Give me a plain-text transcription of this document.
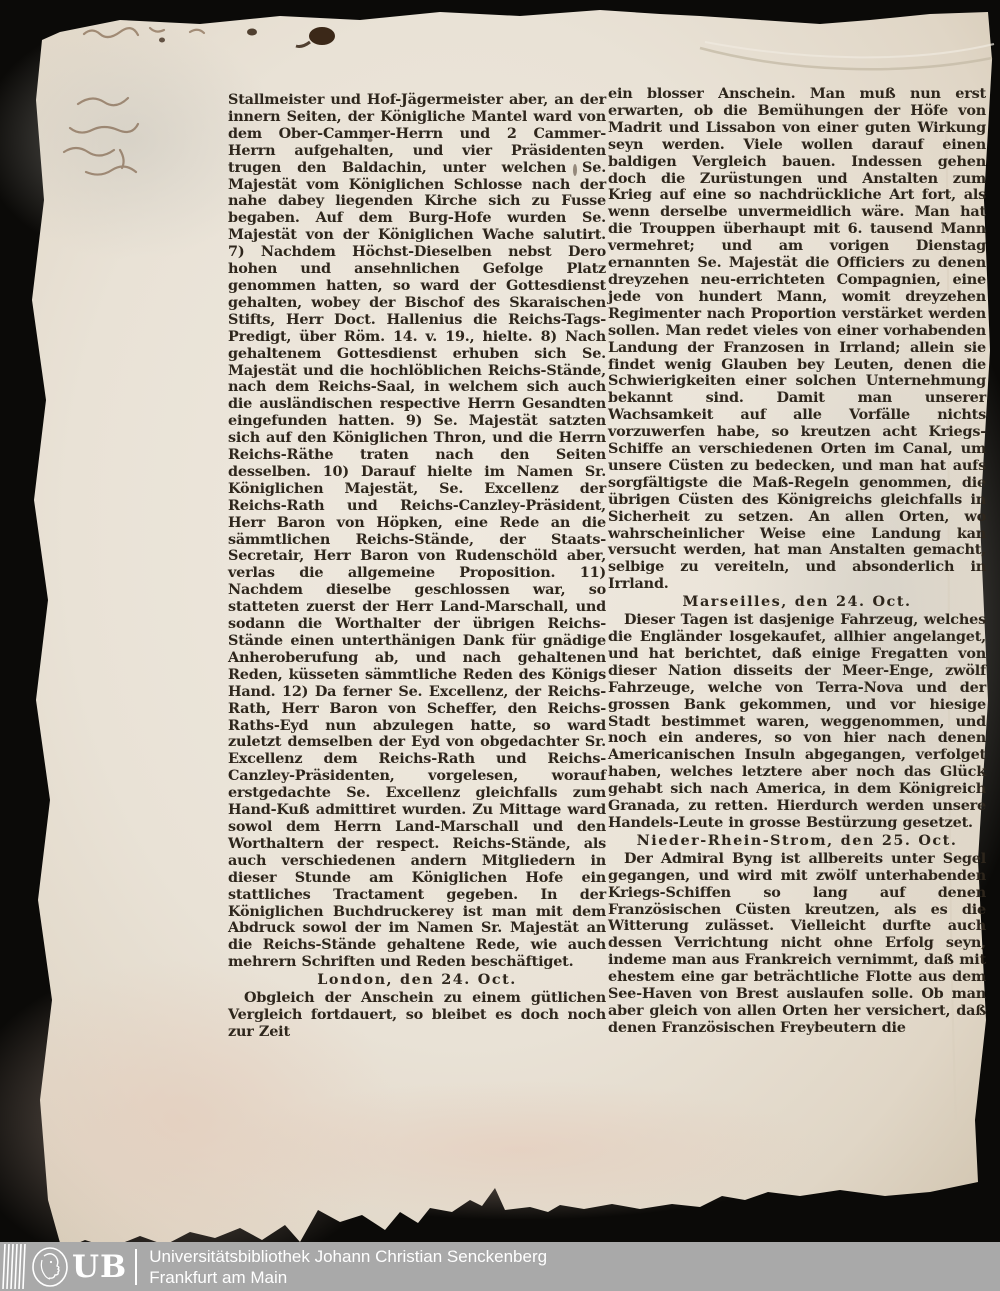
Stallmeister und Hof-Jägermeister aber, an der innern Seiten, der Königliche Mantel ward von dem Ober-Cammer-Herrn und 2 Cammer-Herrn aufgehalten, und vier Präsidenten trugen den Baldachin, unter welchen Se. Majestät vom Königlichen Schlosse nach der nahe dabey liegenden Kirche sich zu Fusse begaben. Auf dem Burg-Hofe wurden Se. Majestät von der Königlichen Wache salutirt. 7) Nachdem Höchst-Dieselben nebst Dero hohen und ansehnlichen Gefolge Platz genommen hatten, so ward der Gottesdienst gehalten, wobey der Bischof des Skaraischen Stifts, Herr Doct. Hallenius die Reichs-Tags-Predigt, über Röm. 14. v. 19., hielte. 8) Nach gehaltenem Gottesdienst erhuben sich Se. Majestät und die hochlöblichen Reichs-Stände, nach dem Reichs-Saal, in welchem sich auch die ausländischen respective Herrn Gesandten eingefunden hatten. 9) Se. Majestät satzten sich auf den Königlichen Thron, und die Herrn Reichs-Räthe traten nach den Seiten desselben. 10) Darauf hielte im Namen Sr. Königlichen Majestät, Se. Excellenz der Reichs-Rath und Reichs-Canzley-Präsident, Herr Baron von Höpken, eine Rede an die sämmtlichen Reichs-Stände, der Staats-Secretair, Herr Baron von Rudenschöld aber, verlas die allgemeine Proposition. 11) Nachdem dieselbe geschlossen war, so statteten zuerst der Herr Land-Marschall, und sodann die Worthalter der übrigen Reichs-Stände einen unterthänigen Dank für gnädige Anheroberufung ab, und nach gehaltenen Reden, küsseten sämmtliche Reden des Königs Hand. 12) Da ferner Se. Excellenz, der Reichs-Rath, Herr Baron von Scheffer, den Reichs-Raths-Eyd nun abzulegen hatte, so ward zuletzt demselben der Eyd von obgedachter Sr. Excellenz dem Reichs-Rath und Reichs-Canzley-Präsidenten, vorgelesen, worauf erstgedachte Se. Excellenz gleichfalls zum Hand-Kuß admittiret wurden. Zu Mittage ward sowol dem Herrn Land-Marschall und den Worthaltern der respect. Reichs-Stände, als auch verschiedenen andern Mitgliedern in dieser Stunde am Königlichen Hofe ein stattliches Tractament gegeben. In der Königlichen Buchdruckerey ist man mit dem Abdruck sowol der im Namen Sr. Majestät an die Reichs-Stände gehaltene Rede, wie auch mehrern Schriften und Reden beschäftiget.

London, den 24. Oct.

Obgleich der Anschein zu einem gütlichen Vergleich fortdauert, so bleibet es doch noch zur Zeit

ein blosser Anschein. Man muß nun erst erwarten, ob die Bemühungen der Höfe von Madrit und Lissabon von einer guten Wirkung seyn werden. Viele wollen darauf einen baldigen Vergleich bauen. Indessen gehen doch die Zurüstungen und Anstalten zum Krieg auf eine so nachdrückliche Art fort, als wenn derselbe unvermeidlich wäre. Man hat die Trouppen überhaupt mit 6. tausend Mann vermehret; und am vorigen Dienstag ernannten Se. Majestät die Officiers zu denen dreyzehen neu-errichteten Compagnien, eine jede von hundert Mann, womit dreyzehen Regimenter nach Proportion verstärket werden sollen. Man redet vieles von einer vorhabenden Landung der Franzosen in Irrland; allein sie findet wenig Glauben bey Leuten, denen die Schwierigkeiten einer solchen Unternehmung bekannt sind. Damit man unserer Wachsamkeit auf alle Vorfälle nichts vorzuwerfen habe, so kreutzen acht Kriegs-Schiffe an verschiedenen Orten im Canal, um unsere Cüsten zu bedecken, und man hat aufs sorgfältigste die Maß-Regeln genommen, die übrigen Cüsten des Königreichs gleichfalls in Sicherheit zu setzen. An allen Orten, wo wahrscheinlicher Weise eine Landung kan versucht werden, hat man Anstalten gemacht, selbige zu vereiteln, und absonderlich in Irrland.

Marseilles, den 24. Oct.

Dieser Tagen ist dasjenige Fahrzeug, welches die Engländer losgekaufet, allhier angelanget, und hat berichtet, daß einige Fregatten von dieser Nation disseits der Meer-Enge, zwölf Fahrzeuge, welche von Terra-Nova und der grossen Bank gekommen, und vor hiesige Stadt bestimmet waren, weggenommen, und noch ein anderes, so von hier nach denen Americanischen Insuln abgegangen, verfolget haben, welches letztere aber noch das Glück gehabt sich nach America, in dem Königreich Granada, zu retten. Hierdurch werden unsere Handels-Leute in grosse Bestürzung gesetzet.

Nieder-Rhein-Strom, den 25. Oct.

Der Admiral Byng ist allbereits unter Segel gegangen, und wird mit zwölf unterhabenden Kriegs-Schiffen so lang auf denen Französischen Cüsten kreutzen, als es die Witterung zulässet. Vielleicht durfte auch dessen Verrichtung nicht ohne Erfolg seyn, indeme man aus Frankreich vernimmt, daß mit ehestem eine gar beträchtliche Flotte aus dem See-Haven von Brest auslaufen solle. Ob man aber gleich von allen Orten her versichert, daß denen Französischen Freybeutern die

UB Universitätsbibliothek Johann Christian Senckenberg
Frankfurt am Main
